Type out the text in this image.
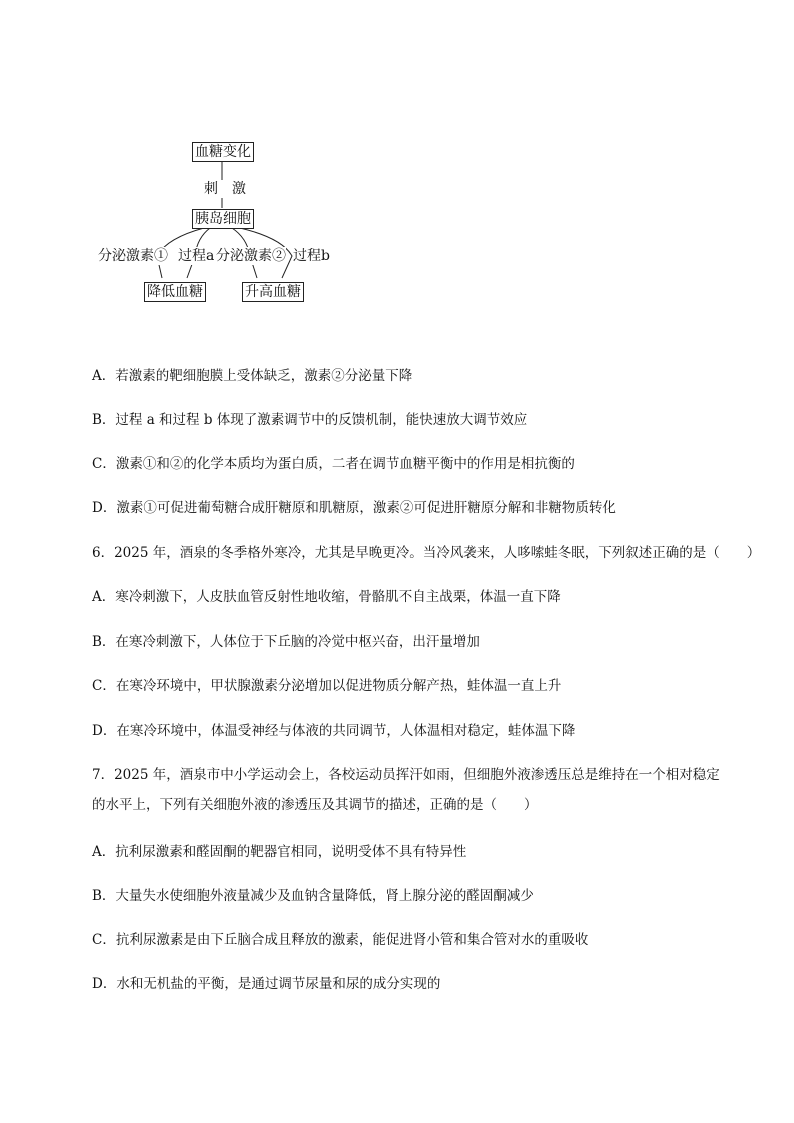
血糖变化
刺　激
胰岛细胞
分泌激素① 过程a 分泌激素② 过程b
降低血糖	升高血糖
A．若激素的靶细胞膜上受体缺乏，激素②分泌量下降
B．过程 a 和过程 b 体现了激素调节中的反馈机制，能快速放大调节效应
C．激素①和②的化学本质均为蛋白质，二者在调节血糖平衡中的作用是相抗衡的
D．激素①可促进葡萄糖合成肝糖原和肌糖原，激素②可促进肝糖原分解和非糖物质转化
6．2025 年，酒泉的冬季格外寒冷，尤其是早晚更冷。当冷风袭来，人哆嗦蛙冬眠，下列叙述正确的是（　　）
A．寒冷刺激下，人皮肤血管反射性地收缩，骨骼肌不自主战栗，体温一直下降
B．在寒冷刺激下，人体位于下丘脑的冷觉中枢兴奋，出汗量增加
C．在寒冷环境中，甲状腺激素分泌增加以促进物质分解产热，蛙体温一直上升
D．在寒冷环境中，体温受神经与体液的共同调节，人体温相对稳定，蛙体温下降
7．2025 年，酒泉市中小学运动会上，各校运动员挥汗如雨，但细胞外液渗透压总是维持在一个相对稳定的水平上，下列有关细胞外液的渗透压及其调节的描述，正确的是（　　）
A．抗利尿激素和醛固酮的靶器官相同，说明受体不具有特异性
B．大量失水使细胞外液量减少及血钠含量降低，肾上腺分泌的醛固酮减少
C．抗利尿激素是由下丘脑合成且释放的激素，能促进肾小管和集合管对水的重吸收
D．水和无机盐的平衡，是通过调节尿量和尿的成分实现的
